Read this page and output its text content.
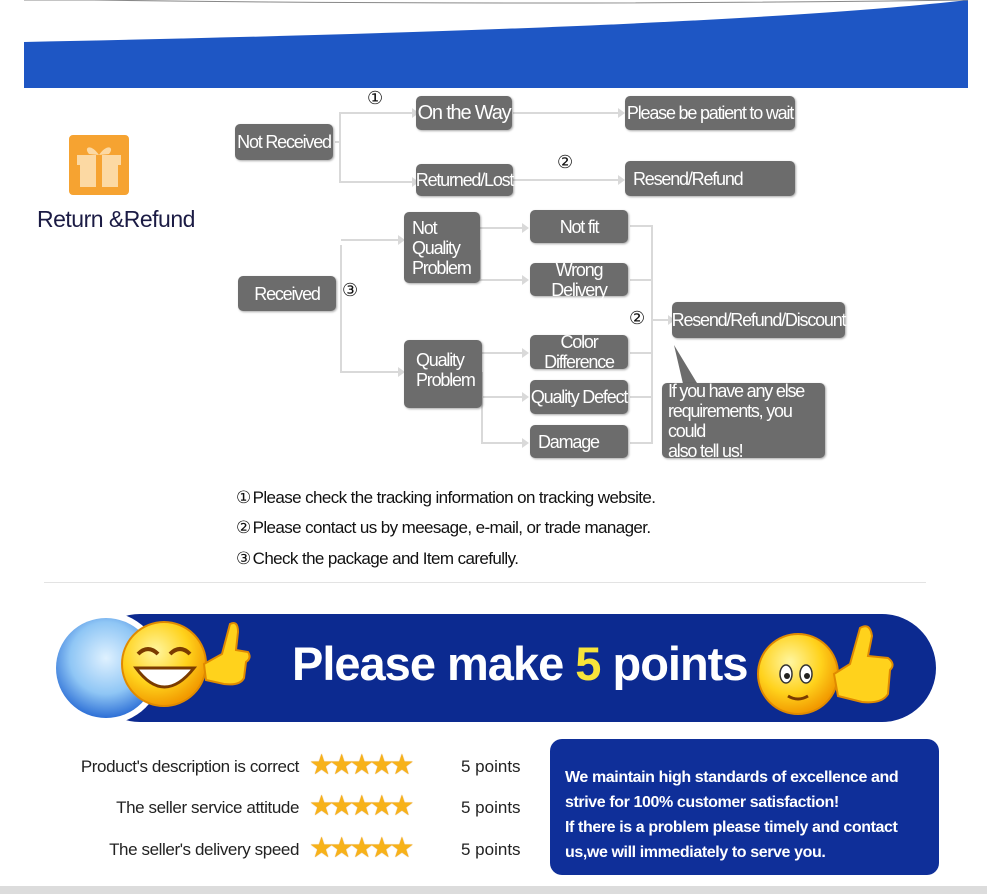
Return &Refund
①
②
③
②
Not Received
On the Way
Returned/Lost
Please be patient to wait
Resend/Refund
Received
Not
Quality
Problem
Quality
Problem
Not fit
Wrong Delivery
Color Difference
Quality Defect
Damage
Resend/Refund/Discount
If you have any else
requirements, you could
also tell us!
① Please check the tracking information on tracking website.
② Please contact us by meesage, e-mail, or trade manager.
③ Check the package and Item carefully.
Please make 5 points
Product's description is correct ★★★★★	5 points
The seller service attitude ★★★★★	5 points
The seller's delivery speed ★★★★★	5 points
We maintain high standards of excellence and
strive for 100% customer satisfaction!
If there is a problem please timely and contact
us,we will immediately to serve you.
